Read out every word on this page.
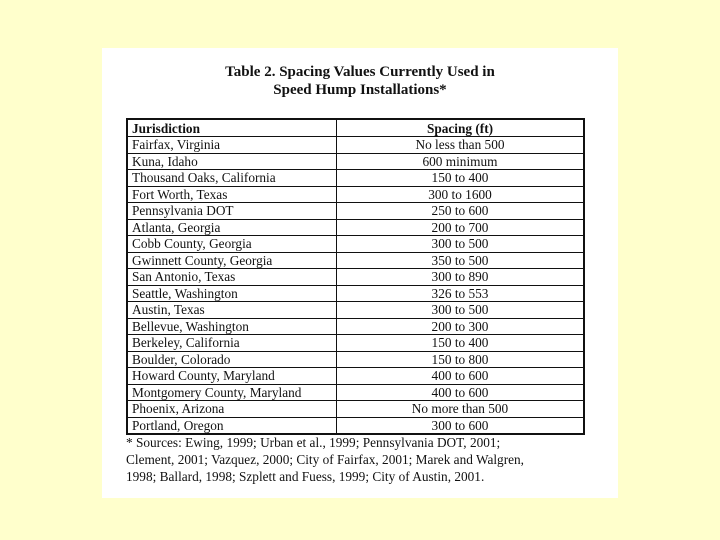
Table 2. Spacing Values Currently Used in
Speed Hump Installations*
Jurisdiction	Spacing (ft)
Fairfax, Virginia	No less than 500
Kuna, Idaho	600 minimum
Thousand Oaks, California	150 to 400
Fort Worth, Texas	300 to 1600
Pennsylvania DOT	250 to 600
Atlanta, Georgia	200 to 700
Cobb County, Georgia	300 to 500
Gwinnett County, Georgia	350 to 500
San Antonio, Texas	300 to 890
Seattle, Washington	326 to 553
Austin, Texas	300 to 500
Bellevue, Washington	200 to 300
Berkeley, California	150 to 400
Boulder, Colorado	150 to 800
Howard County, Maryland	400 to 600
Montgomery County, Maryland	400 to 600
Phoenix, Arizona	No more than 500
Portland, Oregon	300 to 600
* Sources: Ewing, 1999; Urban et al., 1999; Pennsylvania DOT, 2001;
Clement, 2001; Vazquez, 2000; City of Fairfax, 2001; Marek and Walgren,
1998; Ballard, 1998; Szplett and Fuess, 1999; City of Austin, 2001.
